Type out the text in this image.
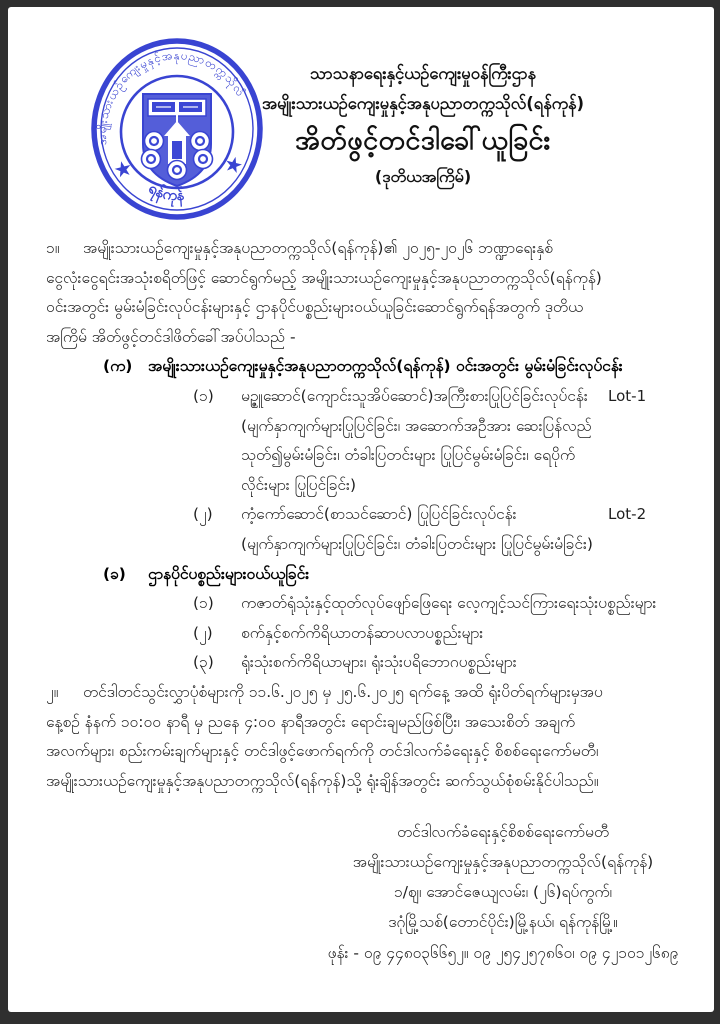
သာသနာရေးနှင့်ယဉ်ကျေးမှုဝန်ကြီးဌာန
အမျိုးသားယဉ်ကျေးမှုနှင့်အနုပညာတက္ကသိုလ်(ရန်ကုန်)
အိတ်ဖွင့်တင်ဒါခေါ်ယူခြင်း
(ဒုတိယအကြိမ်)
အမျိုးသားယဉ်ကျေးမှုနှင့်အနုပညာတက္ကသိုလ်
★	★
ရန်ကုန်
၁။ အမျိုးသားယဉ်ကျေးမှုနှင့်အနုပညာတက္ကသိုလ်(ရန်ကုန်)၏ ၂၀၂၅-၂၀၂၆ ဘဏ္ဍာရေးနှစ်
ငွေလုံးငွေရင်းအသုံးစရိတ်ဖြင့် ဆောင်ရွက်မည့် အမျိုးသားယဉ်ကျေးမှုနှင့်အနုပညာတက္ကသိုလ်(ရန်ကုန်)
ဝင်းအတွင်း မွမ်းမံခြင်းလုပ်ငန်းများနှင့် ဌာနပိုင်ပစ္စည်းများဝယ်ယူခြင်းဆောင်ရွက်ရန်အတွက် ဒုတိယ
အကြိမ် အိတ်ဖွင့်တင်ဒါဖိတ်ခေါ်အပ်ပါသည် -
(က) အမျိုးသားယဉ်ကျေးမှုနှင့်အနုပညာတက္ကသိုလ်(ရန်ကုန်) ဝင်းအတွင်း မွမ်းမံခြင်းလုပ်ငန်း
(၁) မဥ္ဇူဆောင်(ကျောင်းသူအိပ်ဆောင်)အကြီးစားပြုပြင်ခြင်းလုပ်ငန်း Lot-1
(မျက်နှာကျက်များပြုပြင်ခြင်း၊ အဆောက်အဦအား ဆေးပြန်လည်
သုတ်၍မွမ်းမံခြင်း၊ တံခါးပြတင်းများ ပြုပြင်မွမ်းမံခြင်း၊ ရေပိုက်
လိုင်းများ ပြုပြင်ခြင်း)
(၂) ကံ့ကော်ဆောင်(စာသင်ဆောင်) ပြုပြင်ခြင်းလုပ်ငန်း	Lot-2
(မျက်နှာကျက်များပြုပြင်ခြင်း၊ တံခါးပြတင်းများ ပြုပြင်မွမ်းမံခြင်း)
(ခ) ဌာနပိုင်ပစ္စည်းများဝယ်ယူခြင်း
(၁) ကဇာတ်ရုံသုံးနှင့်ထုတ်လုပ်ဖျော်ဖြေရေး လေ့ကျင့်သင်ကြားရေးသုံးပစ္စည်းများ
(၂) စက်နှင့်စက်ကိရိယာတန်ဆာပလာပစ္စည်းများ
(၃) ရုံးသုံးစက်ကိရိယာများ၊ ရုံးသုံးပရိဘောဂပစ္စည်းများ
၂။ တင်ဒါတင်သွင်းလွှာပုံစံများကို ၁၁.၆.၂၀၂၅ မှ ၂၅.၆.၂၀၂၅ ရက်နေ့ အထိ ရုံးပိတ်ရက်များမှအပ
နေ့စဉ် နံနက် ၁၀:၀၀ နာရီ မှ ညနေ ၄:၀၀ နာရီအတွင်း ရောင်းချမည်ဖြစ်ပြီး၊ အသေးစိတ် အချက်
အလက်များ၊ စည်းကမ်းချက်များနှင့် တင်ဒါဖွင့်ဖောက်ရက်ကို တင်ဒါလက်ခံရေးနှင့် စိစစ်ရေးကော်မတီ၊
အမျိုးသားယဉ်ကျေးမှုနှင့်အနုပညာတက္ကသိုလ်(ရန်ကုန်)သို့ ရုံးချိန်အတွင်း ဆက်သွယ်စုံစမ်းနိုင်ပါသည်။
တင်ဒါလက်ခံရေးနှင့်စိစစ်ရေးကော်မတီ
အမျိုးသားယဉ်ကျေးမှုနှင့်အနုပညာတက္ကသိုလ်(ရန်ကုန်)
၁/ဈ၊ အောင်ဇေယျလမ်း၊ (၂၆)ရပ်ကွက်၊
ဒဂုံမြို့သစ်(တောင်ပိုင်း)မြို့နယ်၊ ရန်ကုန်မြို့။
ဖုန်း - ၀၉ ၄၄၈၀၃၆၆၅၂။ ၀၉ ၂၅၄၂၅၇၈၆၀၊ ၀၉ ၄၂၁၀၁၂၆၈၉
